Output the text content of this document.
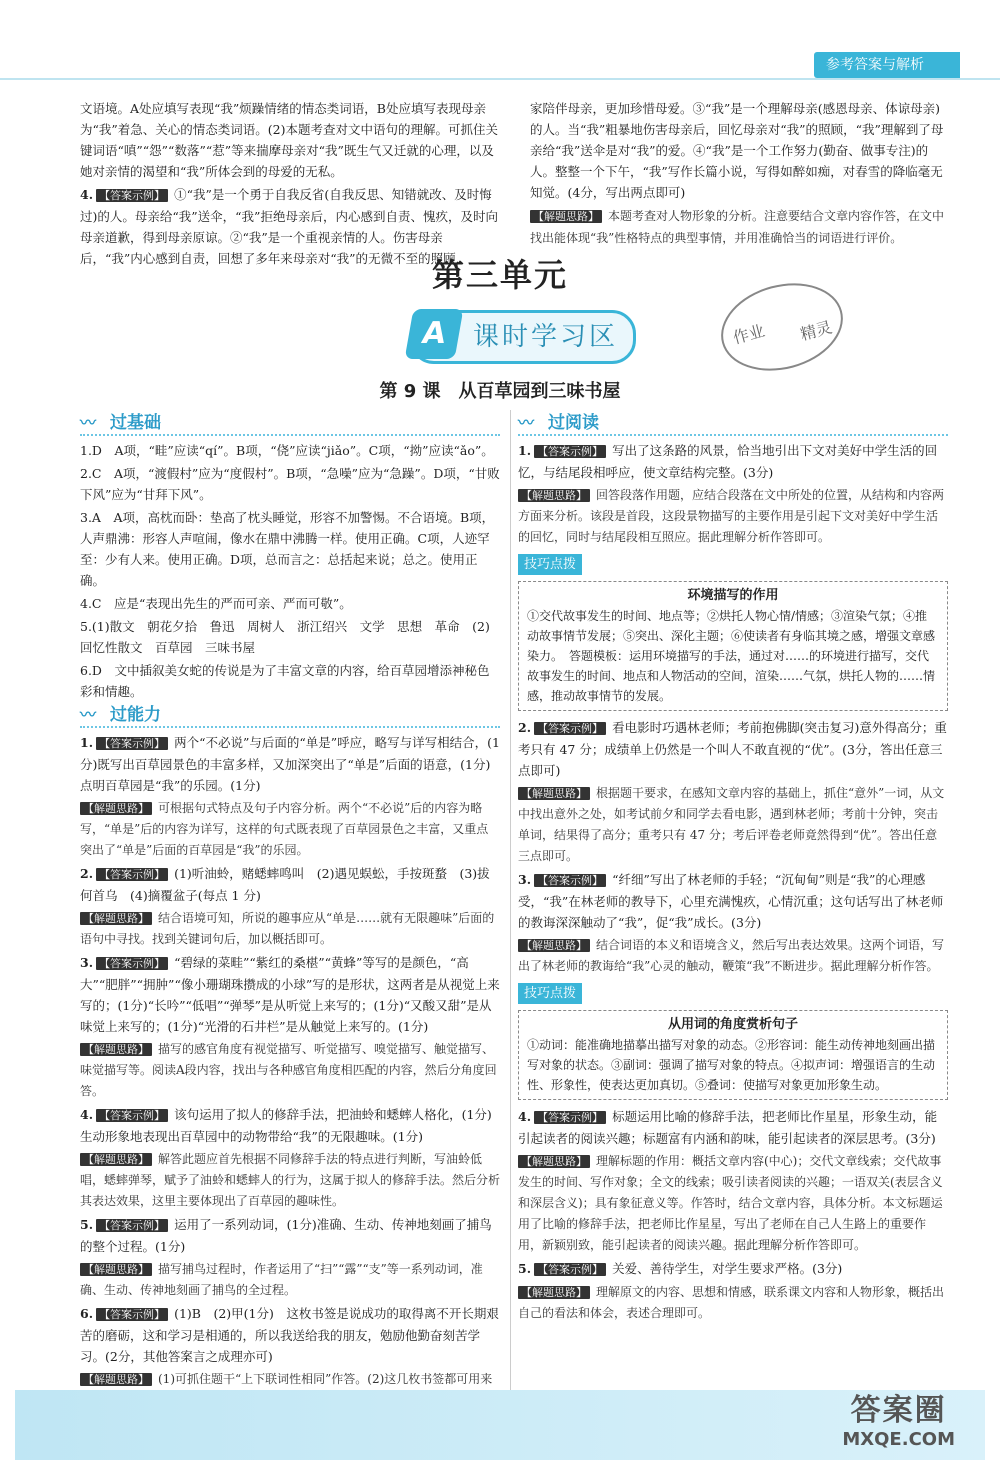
参考答案与解析

文语境。A处应填写表现“我”烦躁情绪的情态类词语，B处应填写表现母亲为“我”着急、关心的情态类词语。(2)本题考查对文中语句的理解。可抓住关键词语“嗔”“怨”“数落”“惹”等来揣摩母亲对“我”既生气又迁就的心理，以及她对亲情的渴望和“我”所体会到的母爱的无私。

4. 【答案示例】 ①“我”是一个勇于自我反省(自我反思、知错就改、及时悔过)的人。母亲给“我”送伞，“我”拒绝母亲后，内心感到自责、愧疚，及时向母亲道歉，得到母亲原谅。②“我”是一个重视亲情的人。伤害母亲后，“我”内心感到自责，回想了多年来母亲对“我”的无微不至的照顾，

家陪伴母亲，更加珍惜母爱。③“我”是一个理解母亲(感恩母亲、体谅母亲)的人。当“我”粗暴地伤害母亲后，回忆母亲对“我”的照顾，“我”理解到了母亲给“我”送伞是对“我”的爱。④“我”是一个工作努力(勤奋、做事专注)的人。整整一个下午，“我”写作长篇小说，写得如醉如痴，对春雪的降临毫无知觉。(4分，写出两点即可)

【解题思路】 本题考查对人物形象的分析。注意要结合文章内容作答，在文中找出能体现“我”性格特点的典型事情，并用准确恰当的词语进行评价。

第三单元
A 课时学习区	作业 精灵
第 9 课　从百草园到三味书屋
〰 过基础

1.D　A项，“畦”应读“qí”。B项，“侥”应读“jiǎo”。C项，“拗”应读“ǎo”。

2.C　A项，“渡假村”应为“度假村”。B项，“急噪”应为“急躁”。D项，“甘败下风”应为“甘拜下风”。

3.A　A项，高枕而卧：垫高了枕头睡觉，形容不加警惕。不合语境。B项，人声鼎沸：形容人声喧闹，像水在鼎中沸腾一样。使用正确。C项，人迹罕至：少有人来。使用正确。D项，总而言之：总括起来说；总之。使用正确。

4.C　应是“表现出先生的严而可亲、严而可敬”。

5.(1)散文　朝花夕拾　鲁迅　周树人　浙江绍兴　文学　思想　革命　(2)回忆性散文　百草园　三味书屋

6.D　文中插叙美女蛇的传说是为了丰富文章的内容，给百草园增添神秘色彩和情趣。

〰 过能力

1. 【答案示例】 两个“不必说”与后面的“单是”呼应，略写与详写相结合，(1分)既写出百草园景色的丰富多样，又加深突出了“单是”后面的语意，(1分)点明百草园是“我”的乐园。(1分)

【解题思路】 可根据句式特点及句子内容分析。两个“不必说”后的内容为略写，“单是”后的内容为详写，这样的句式既表现了百草园景色之丰富，又重点突出了“单是”后面的百草园是“我”的乐园。

2. 【答案示例】 (1)听油蛉，赌蟋蟀鸣叫　(2)遇见蜈蚣，手按斑蝥　(3)拔何首乌　(4)摘覆盆子(每点 1 分)

【解题思路】 结合语境可知，所说的趣事应从“单是……就有无限趣味”后面的语句中寻找。找到关键词句后，加以概括即可。

3. 【答案示例】 “碧绿的菜畦”“紫红的桑椹”“黄蜂”等写的是颜色，“高大”“肥胖”“拥肿”“像小珊瑚珠攒成的小球”写的是形状，这两者是从视觉上来写的；(1分)“长吟”“低唱”“弹琴”是从听觉上来写的；(1分)“又酸又甜”是从味觉上来写的；(1分)“光滑的石井栏”是从触觉上来写的。(1分)

【解题思路】 描写的感官角度有视觉描写、听觉描写、嗅觉描写、触觉描写、味觉描写等。阅读A段内容，找出与各种感官角度相匹配的内容，然后分角度回答。

4. 【答案示例】 该句运用了拟人的修辞手法，把油蛉和蟋蟀人格化，(1分)生动形象地表现出百草园中的动物带给“我”的无限趣味。(1分)

【解题思路】 解答此题应首先根据不同修辞手法的特点进行判断，写油蛉低唱，蟋蟀弹琴，赋予了油蛉和蟋蟀人的行为，这属于拟人的修辞手法。然后分析其表达效果，这里主要体现出了百草园的趣味性。

5. 【答案示例】 运用了一系列动词，(1分)准确、生动、传神地刻画了捕鸟的整个过程。(1分)

【解题思路】 描写捕鸟过程时，作者运用了“扫”“露”“支”等一系列动词，准确、生动、传神地刻画了捕鸟的全过程。

6. 【答案示例】 (1)B　(2)甲(1分)　这枚书签是说成功的取得离不开长期艰苦的磨砺，这和学习是相通的，所以我送给我的朋友，勉励他勤奋刻苦学习。(2分，其他答案言之成理亦可)

【解题思路】 (1)可抓住题干“上下联词性相同”作答。(2)这几枚书签都可用来

〰 过阅读

1. 【答案示例】 写出了这条路的风景，恰当地引出下文对美好中学生活的回忆，与结尾段相呼应，使文章结构完整。(3分)

【解题思路】 回答段落作用题，应结合段落在文中所处的位置，从结构和内容两方面来分析。该段是首段，这段景物描写的主要作用是引起下文对美好中学生活的回忆，同时与结尾段相互照应。据此理解分析作答即可。

技巧点拨
环境描写的作用
①交代故事发生的时间、地点等；②烘托人物心情/情感；③渲染气氛；④推动故事情节发展；⑤突出、深化主题；⑥使读者有身临其境之感，增强文章感染力。　答题模板：运用环境描写的手法，通过对……的环境进行描写，交代故事发生的时间、地点和人物活动的空间，渲染……气氛，烘托人物的……情感，推动故事情节的发展。

2. 【答案示例】 看电影时巧遇林老师；考前抱佛脚(突击复习)意外得高分；重考只有 47 分；成绩单上仍然是一个叫人不敢直视的“优”。(3分，答出任意三点即可)

【解题思路】 根据题干要求，在感知文章内容的基础上，抓住“意外”一词，从文中找出意外之处，如考试前夕和同学去看电影，遇到林老师；考前十分钟，突击单词，结果得了高分；重考只有 47 分；考后评卷老师竟然得到“优”。答出任意三点即可。

3. 【答案示例】 “纤细”写出了林老师的手轻；“沉甸甸”则是“我”的心理感受，“我”在林老师的教导下，心里充满愧疚，心情沉重；这句话写出了林老师的教诲深深触动了“我”，促“我”成长。(3分)

【解题思路】 结合词语的本义和语境含义，然后写出表达效果。这两个词语，写出了林老师的教诲给“我”心灵的触动，鞭策“我”不断进步。据此理解分析作答。

技巧点拨
从用词的角度赏析句子
①动词：能准确地描摹出描写对象的动态。②形容词：能生动传神地刻画出描写对象的状态。③副词：强调了描写对象的特点。④拟声词：增强语言的生动性、形象性，使表达更加真切。⑤叠词：使描写对象更加形象生动。

4. 【答案示例】 标题运用比喻的修辞手法，把老师比作星星，形象生动，能引起读者的阅读兴趣；标题富有内涵和韵味，能引起读者的深层思考。(3分)

【解题思路】 理解标题的作用：概括文章内容(中心)；交代文章线索；交代故事发生的时间、写作对象；全文的线索；吸引读者阅读的兴趣；一语双关(表层含义和深层含义)；具有象征意义等。作答时，结合文章内容，具体分析。本文标题运用了比喻的修辞手法，把老师比作星星，写出了老师在自己人生路上的重要作用，新颖别致，能引起读者的阅读兴趣。据此理解分析作答即可。

5. 【答案示例】 关爱、善待学生，对学生要求严格。(3分)

【解题思路】 理解原文的内容、思想和情感，联系课文内容和人物形象，概括出自己的看法和体会，表述合理即可。

答案圈
MXQE.COM
